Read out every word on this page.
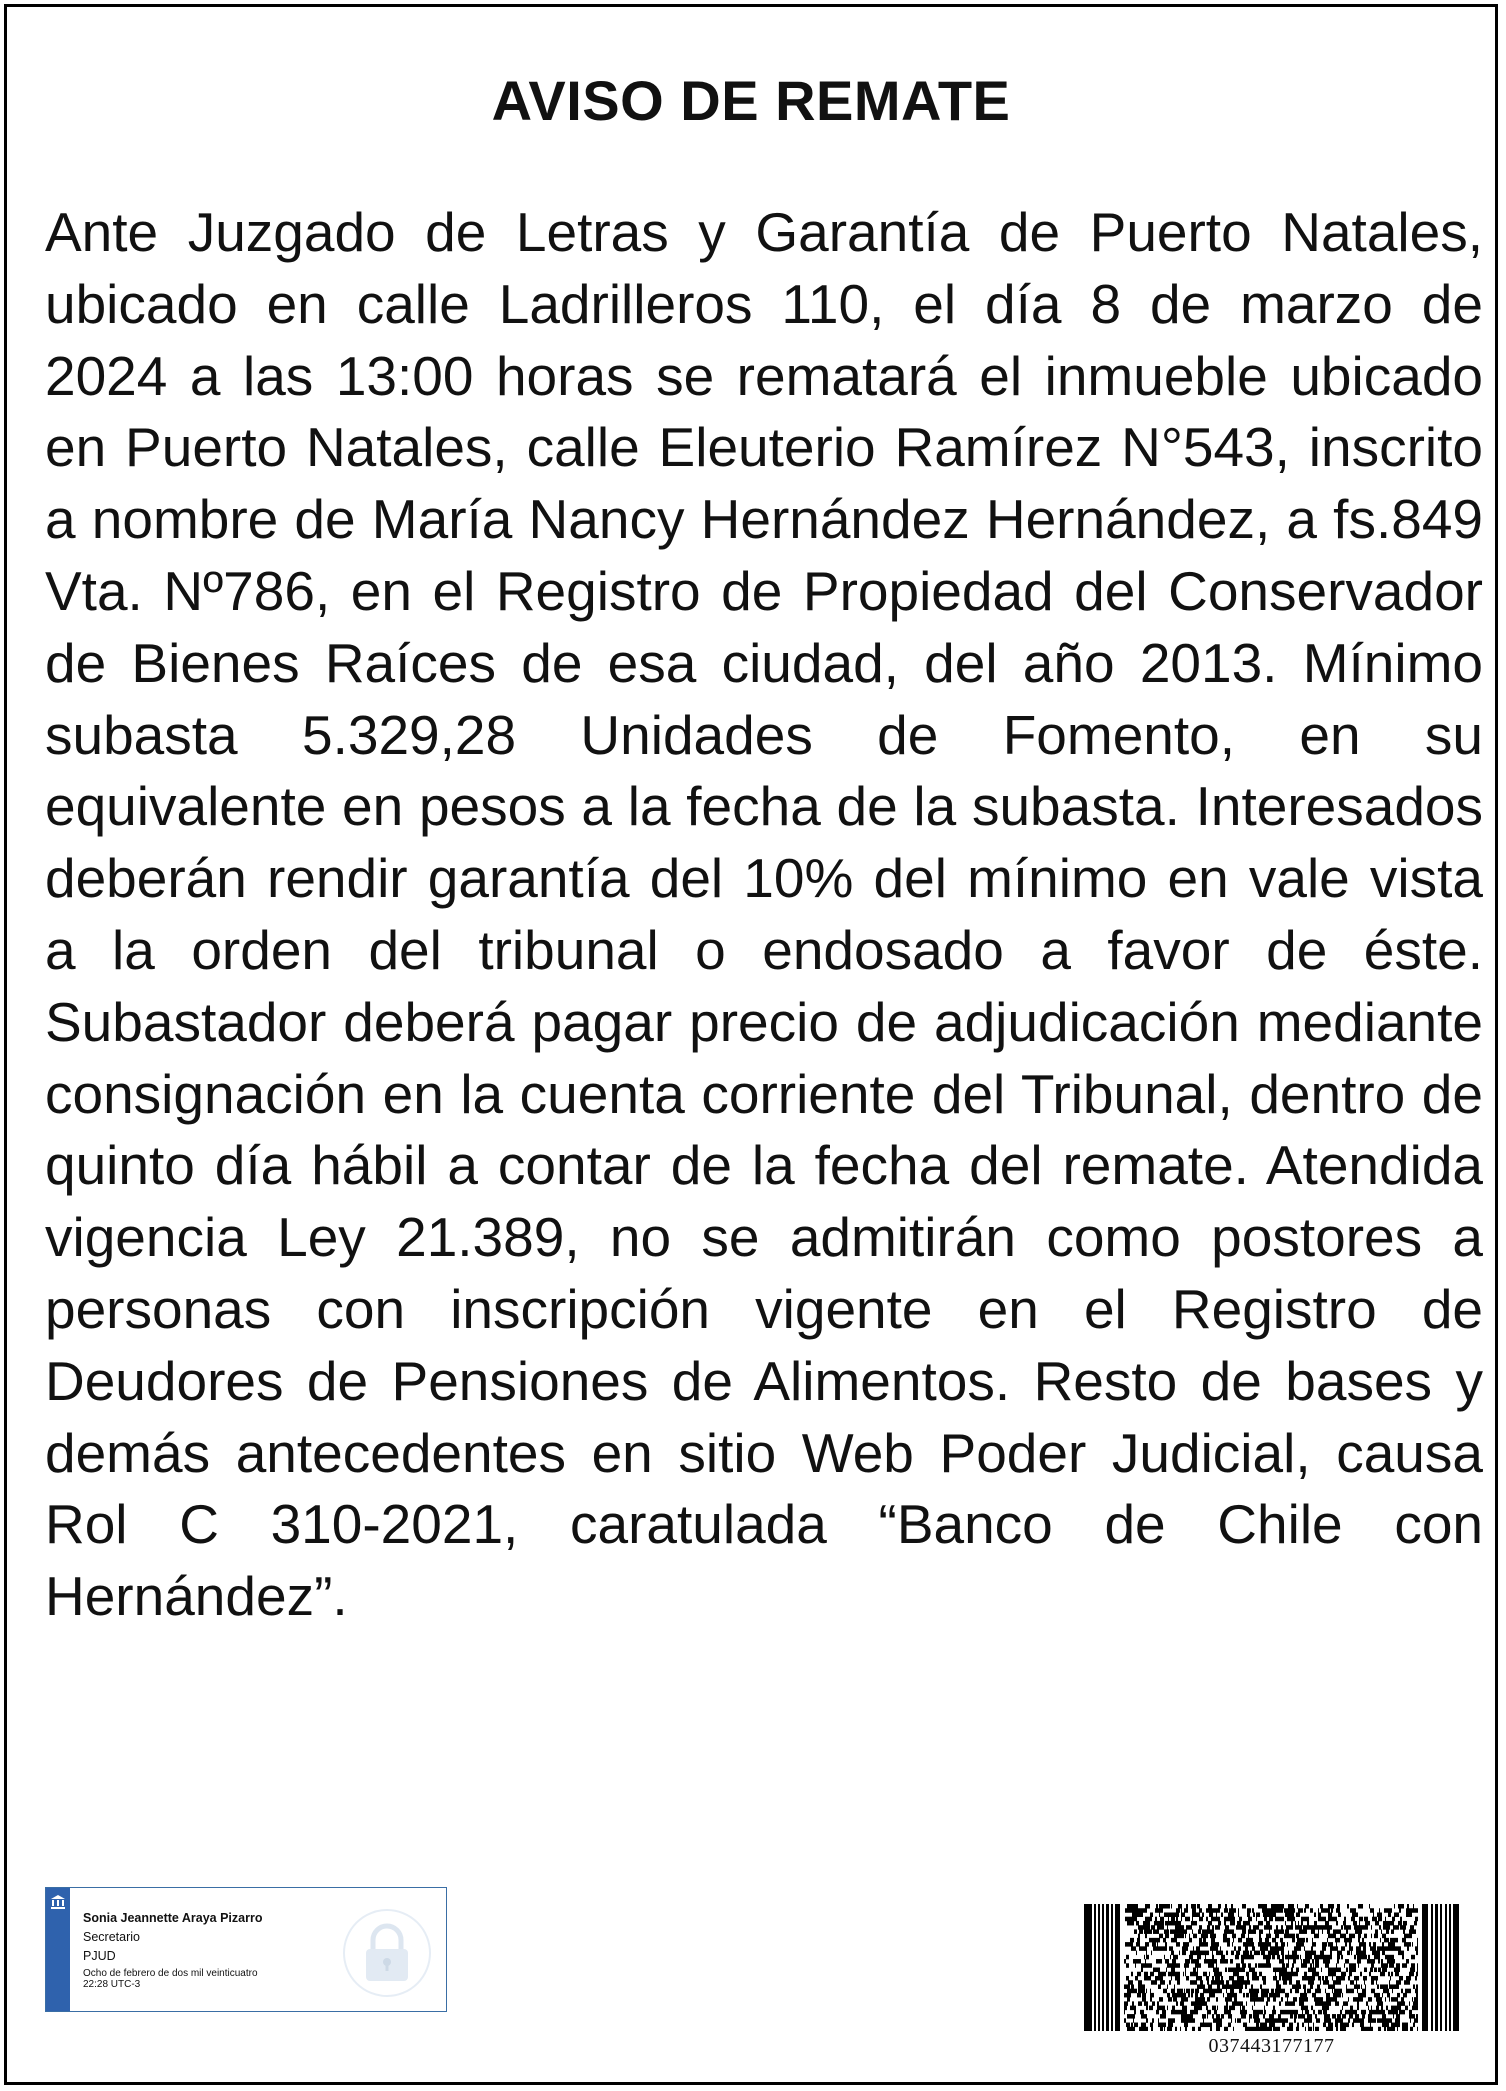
AVISO DE REMATE

Ante Juzgado de Letras y Garantía de Puerto Natales, ubicado en calle Ladrilleros 110, el día 8 de marzo de 2024 a las 13:00 horas se rematará el inmueble ubicado en Puerto Natales, calle Eleuterio Ramírez N°543, inscrito a nombre de María Nancy Hernández Hernández, a fs.849 Vta. Nº786, en el Registro de Propiedad del Conservador de Bienes Raíces de esa ciudad, del año 2013. Mínimo subasta 5.329,28 Unidades de Fomento, en su equivalente en pesos a la fecha de la subasta. Interesados deberán rendir garantía del 10% del mínimo en vale vista a la orden del tribunal o endosado a favor de éste. Subastador deberá pagar precio de adjudicación mediante consignación en la cuenta corriente del Tribunal, dentro de quinto día hábil a contar de la fecha del remate. Atendida vigencia Ley 21.389, no se admitirán como postores a personas con inscripción vigente en el Registro de Deudores de Pensiones de Alimentos. Resto de bases y demás antecedentes en sitio Web Poder Judicial, causa Rol C 310-2021, caratulada “Banco de Chile con Hernández”.

Sonia Jeannette Araya Pizarro
Secretario
PJUD
Ocho de febrero de dos mil veinticuatro
22:28 UTC-3
037443177177
